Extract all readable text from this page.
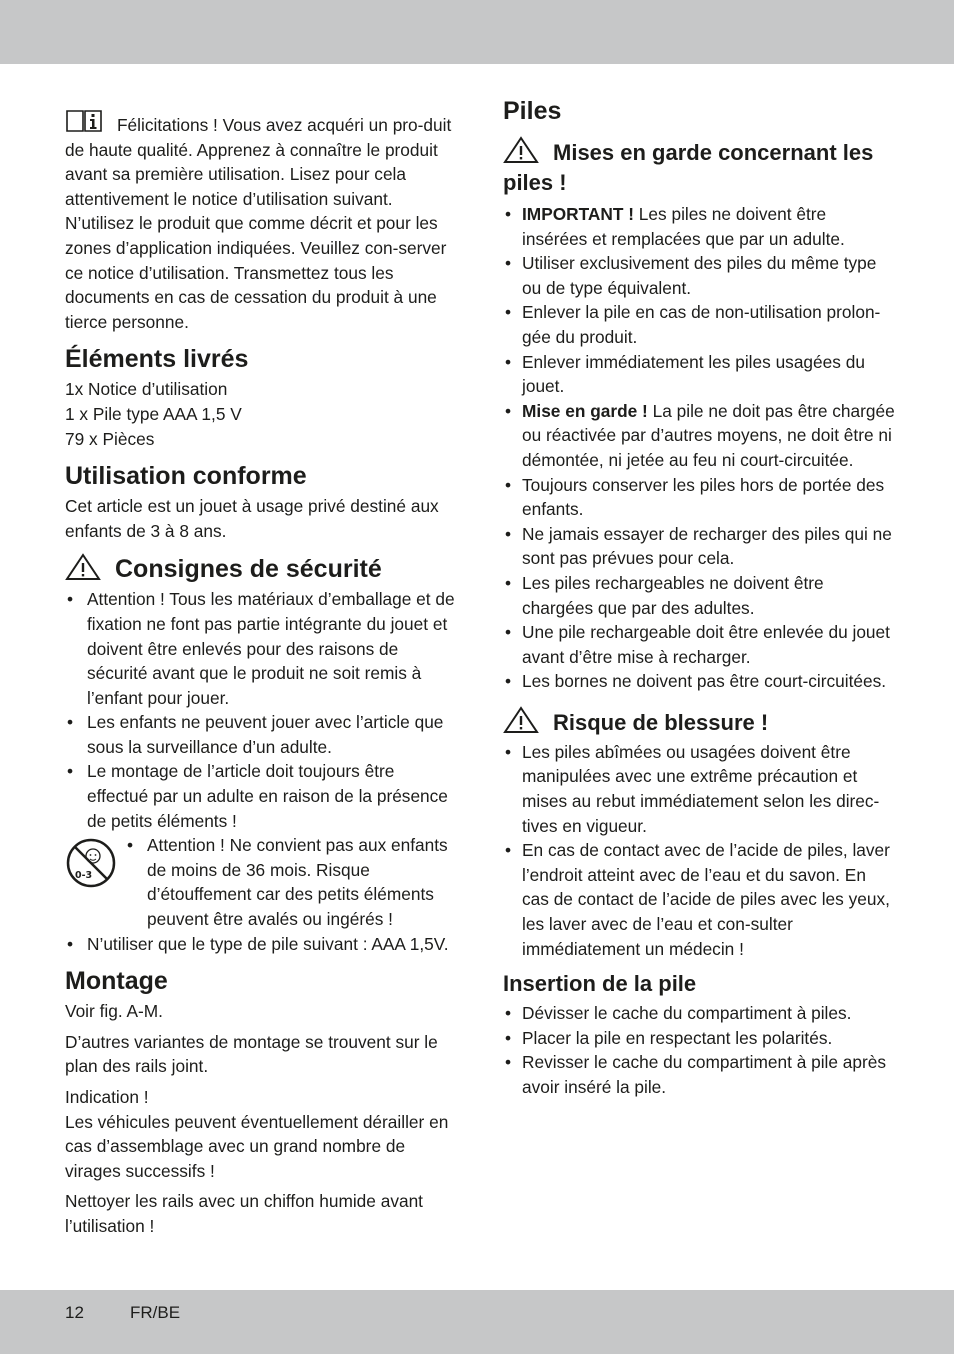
Félicitations ! Vous avez acquéri un pro-duit de haute qualité. Apprenez à connaître le produit avant sa première utilisation. Lisez pour cela attentivement le notice d’utilisation suivant. N’utilisez le produit que comme décrit et pour les zones d’application indiquées. Veuillez con-server ce notice d’utilisation. Transmettez tous les documents en cas de cessation du produit à une tierce personne.

Éléments livrés

1x Notice d’utilisation

1 x Pile type AAA 1,5 V

79 x Pièces

Utilisation conforme

Cet article est un jouet à usage privé destiné aux enfants de 3 à 8 ans.

Consignes de sécurité
• Attention ! Tous les matériaux d’emballage et de fixation ne font pas partie intégrante du jouet et doivent être enlevés pour des raisons de sécurité avant que le produit ne soit remis à l’enfant pour jouer.
• Les enfants ne peuvent jouer avec l’article que sous la surveillance d’un adulte.
• Le montage de l’article doit toujours être effectué par un adulte en raison de la présence de petits éléments !
0-3
• Attention ! Ne convient pas aux enfants de moins de 36 mois. Risque d’étouffement car des petits éléments peuvent être avalés ou ingérés !
• N’utiliser que le type de pile suivant : AAA 1,5V.
Montage

Voir fig. A-M.

D’autres variantes de montage se trouvent sur le plan des rails joint.

Indication !

Les véhicules peuvent éventuellement dérailler en cas d’assemblage avec un grand nombre de virages successifs !

Nettoyer les rails avec un chiffon humide avant l’utilisation !

Piles
Mises en garde concernant les piles !
• IMPORTANT ! Les piles ne doivent être insérées et remplacées que par un adulte.
• Utiliser exclusivement des piles du même type ou de type équivalent.
• Enlever la pile en cas de non-utilisation prolon-gée du produit.
• Enlever immédiatement les piles usagées du jouet.
• Mise en garde ! La pile ne doit pas être chargée ou réactivée par d’autres moyens, ne doit être ni démontée, ni jetée au feu ni court-circuitée.
• Toujours conserver les piles hors de portée des enfants.
• Ne jamais essayer de recharger des piles qui ne sont pas prévues pour cela.
• Les piles rechargeables ne doivent être chargées que par des adultes.
• Une pile rechargeable doit être enlevée du jouet avant d’être mise à recharger.
• Les bornes ne doivent pas être court-circuitées.
Risque de blessure !
• Les piles abîmées ou usagées doivent être manipulées avec une extrême précaution et mises au rebut immédiatement selon les direc-tives en vigueur.
• En cas de contact avec de l’acide de piles, laver l’endroit atteint avec de l’eau et du savon. En cas de contact de l’acide de piles avec les yeux, les laver avec de l’eau et con-sulter immédiatement un médecin !
Insertion de la pile
• Dévisser le cache du compartiment à piles.
• Placer la pile en respectant les polarités.
• Revisser le cache du compartiment à pile après avoir inséré la pile.
12	FR/BE
